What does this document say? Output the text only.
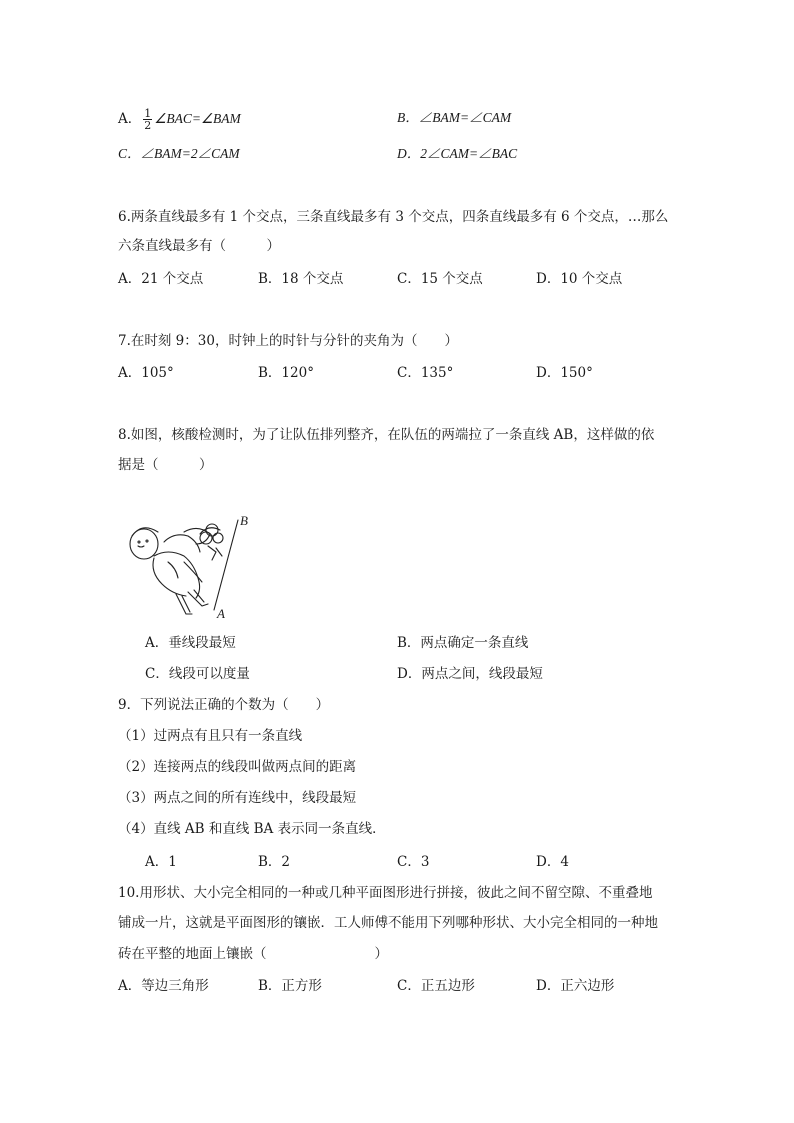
A． $\frac{1}{2}$ ∠BAC=∠BAM	B．∠BAM=∠CAM
C．∠BAM=2∠CAM	D．2∠CAM=∠BAC
6.两条直线最多有 1 个交点，三条直线最多有 3 个交点，四条直线最多有 6 个交点，…那么
六条直线最多有（　　　）
A．21 个交点	B．18 个交点	C．15 个交点	D．10 个交点
7.在时刻 9：30，时钟上的时针与分针的夹角为（　　）
A．105°	B．120°	C．135°	D．150°
8.如图，核酸检测时，为了让队伍排列整齐，在队伍的两端拉了一条直线 AB，这样做的依
据是（　　　）
B
A
A．垂线段最短	B．两点确定一条直线
C．线段可以度量	D．两点之间，线段最短
9．下列说法正确的个数为（　　）
（1）过两点有且只有一条直线
（2）连接两点的线段叫做两点间的距离
（3）两点之间的所有连线中，线段最短
（4）直线 AB 和直线 BA 表示同一条直线．
A．1	B．2	C．3	D．4
10.用形状、大小完全相同的一种或几种平面图形进行拼接，彼此之间不留空隙、不重叠地
铺成一片，这就是平面图形的镶嵌．工人师傅不能用下列哪种形状、大小完全相同的一种地
砖在平整的地面上镶嵌（　　　　　　　　）
A．等边三角形	B．正方形	C．正五边形	D．正六边形
